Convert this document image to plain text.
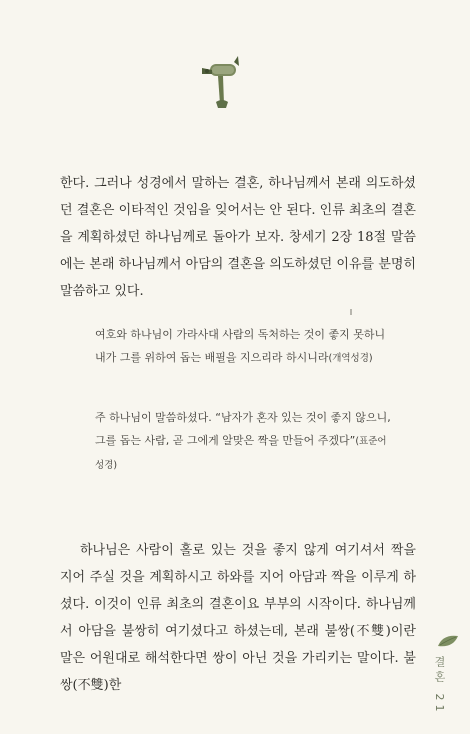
한다. 그러나 성경에서 말하는 결혼, 하나님께서 본래 의도하셨던 결혼은 이타적인 것임을 잊어서는 안 된다. 인류 최초의 결혼을 계획하셨던 하나님께로 돌아가 보자. 창세기 2장 18절 말씀에는 본래 하나님께서 아담의 결혼을 의도하셨던 이유를 분명히 말씀하고 있다.

여호와 하나님이 가라사대 사람의 독처하는 것이 좋지 못하니 내가 그를 위하여 돕는 배필을 지으리라 하시니라(개역성경)

주 하나님이 말씀하셨다. “남자가 혼자 있는 것이 좋지 않으니, 그를 돕는 사람, 곧 그에게 알맞은 짝을 만들어 주겠다”(표준어 성경)

하나님은 사람이 홀로 있는 것을 좋지 않게 여기셔서 짝을 지어 주실 것을 계획하시고 하와를 지어 아담과 짝을 이루게 하셨다. 이것이 인류 최초의 결혼이요 부부의 시작이다. 하나님께서 아담을 불쌍히 여기셨다고 하셨는데, 본래 불쌍(不雙)이란 말은 어원대로 해석한다면 쌍이 아닌 것을 가리키는 말이다. 불쌍(不雙)한	결혼 21
